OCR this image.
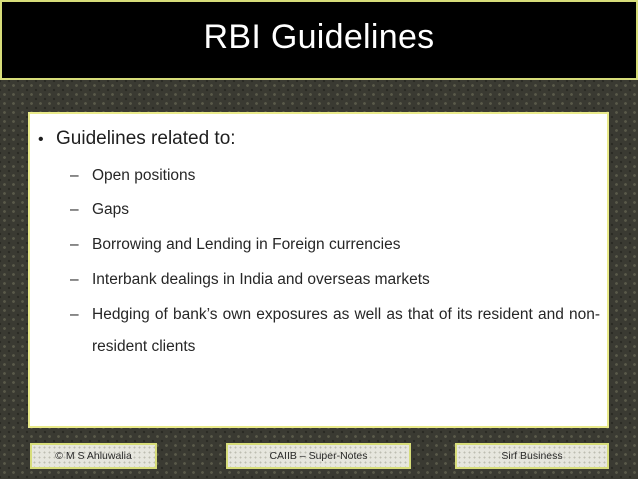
RBI Guidelines
• Guidelines related to:
– Open positions
– Gaps
– Borrowing and Lending in Foreign currencies
– Interbank dealings in India and overseas markets
– Hedging of bank’s own exposures as well as that of its resident and non-resident clients
© M S Ahluwalia	CAIIB – Super-Notes	Sirf Business
